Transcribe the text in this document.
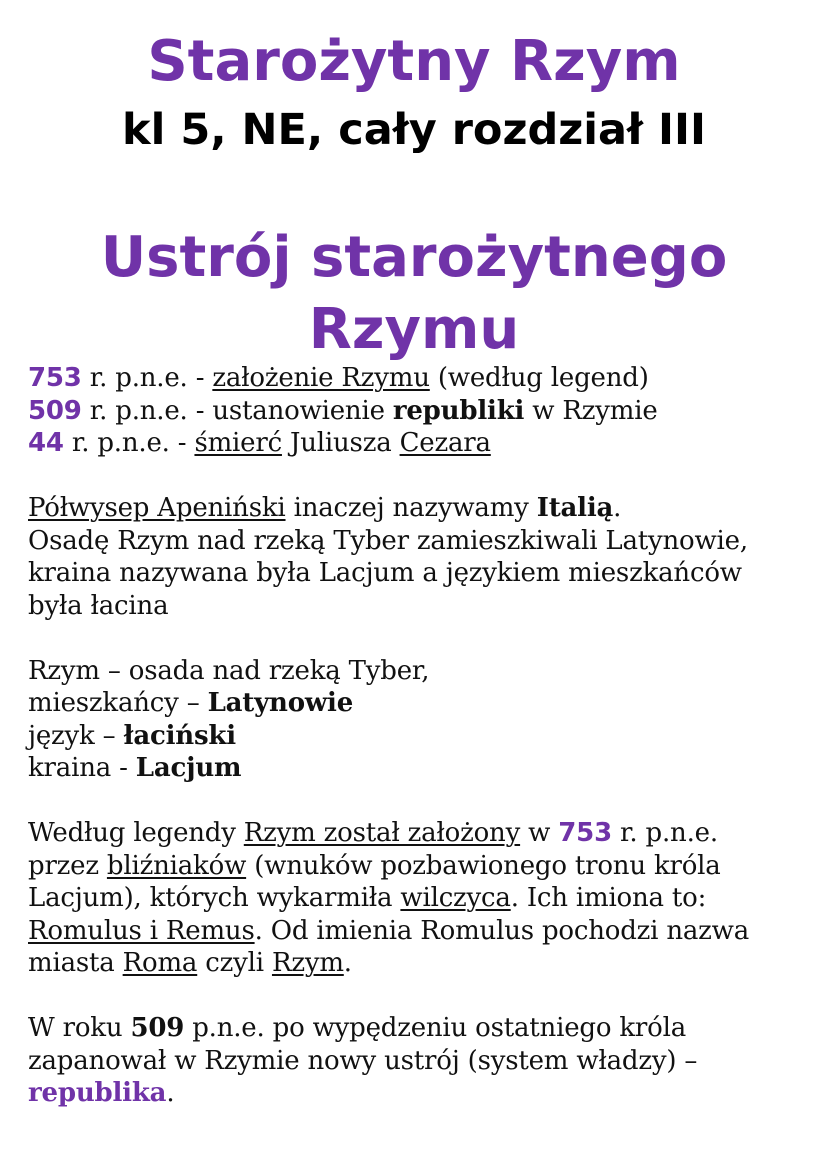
Starożytny Rzym
kl 5, NE, cały rozdział III
Ustrój starożytnego
Rzymu

753 r. p.n.e. - założenie Rzymu (według legend)

509 r. p.n.e. - ustanowienie republiki w Rzymie

44 r. p.n.e. - śmierć Juliusza Cezara

Półwysep Apeniński inaczej nazywamy Italią.

Osadę Rzym nad rzeką Tyber zamieszkiwali Latynowie,

kraina nazywana była Lacjum a językiem mieszkańców

była łacina

Rzym – osada nad rzeką Tyber,

mieszkańcy – Latynowie

język – łaciński

kraina - Lacjum

Według legendy Rzym został założony w 753 r. p.n.e.

przez bliźniaków (wnuków pozbawionego tronu króla

Lacjum), których wykarmiła wilczyca. Ich imiona to:

Romulus i Remus. Od imienia Romulus pochodzi nazwa

miasta Roma czyli Rzym.

W roku 509 p.n.e. po wypędzeniu ostatniego króla

zapanował w Rzymie nowy ustrój (system władzy) –

republika.
